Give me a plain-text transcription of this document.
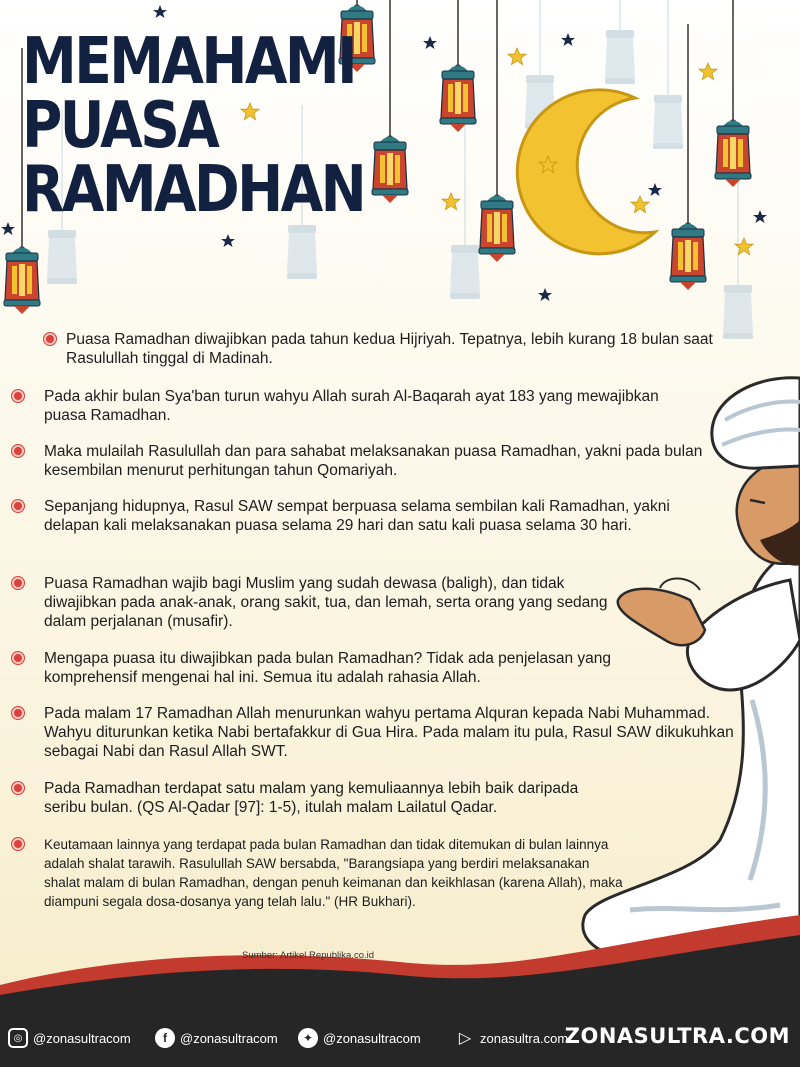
MEMAHAMI
PUASA
RAMADHAN
Puasa Ramadhan diwajibkan pada tahun kedua Hijriyah. Tepatnya, lebih kurang 18 bulan saat Rasulullah tinggal di Madinah.
Pada akhir bulan Sya'ban turun wahyu Allah surah Al-Baqarah ayat 183 yang mewajibkan puasa Ramadhan.
Maka mulailah Rasulullah dan para sahabat melaksanakan puasa Ramadhan, yakni pada bulan kesembilan menurut perhitungan tahun Qomariyah.
Sepanjang hidupnya, Rasul SAW sempat berpuasa selama sembilan kali Ramadhan, yakni delapan kali melaksanakan puasa selama 29 hari dan satu kali puasa selama 30 hari.
Puasa Ramadhan wajib bagi Muslim yang sudah dewasa (baligh), dan tidak diwajibkan pada anak-anak, orang sakit, tua, dan lemah, serta orang yang sedang dalam perjalanan (musafir).
Mengapa puasa itu diwajibkan pada bulan Ramadhan? Tidak ada penjelasan yang komprehensif mengenai hal ini. Semua itu adalah rahasia Allah.
Pada malam 17 Ramadhan Allah menurunkan wahyu pertama Alquran kepada Nabi Muhammad. Wahyu diturunkan ketika Nabi bertafakkur di Gua Hira. Pada malam itu pula, Rasul SAW dikukuhkan sebagai Nabi dan Rasul Allah SWT.
Pada Ramadhan terdapat satu malam yang kemuliaannya lebih baik daripada seribu bulan. (QS Al-Qadar [97]: 1-5), itulah malam Lailatul Qadar.
Keutamaan lainnya yang terdapat pada bulan Ramadhan dan tidak ditemukan di bulan lainnya adalah shalat tarawih. Rasulullah SAW bersabda, "Barangsiapa yang berdiri melaksanakan shalat malam di bulan Ramadhan, dengan penuh keimanan dan keikhlasan (karena Allah), maka diampuni segala dosa-dosanya yang telah lalu." (HR Bukhari).
Sumber: Artikel Republika.co.id
◎ @zonasultracom	f	@zonasultracom	✦ @zonasultracom ▷ zonasultra.com
ZONASULTRA.COM
